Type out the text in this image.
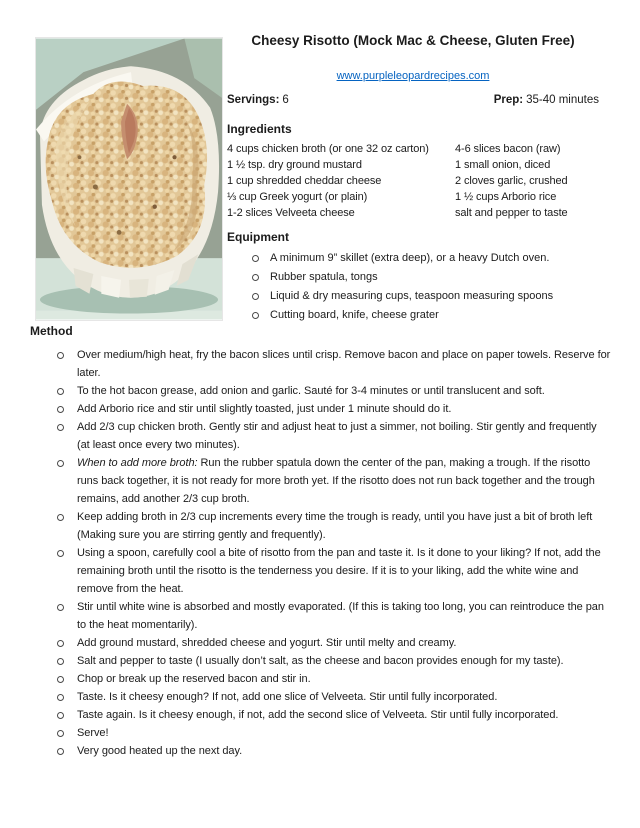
Cheesy Risotto (Mock Mac & Cheese, Gluten Free)
www.purpleleopardrecipes.com
Servings: 6	Prep: 35-40 minutes
Ingredients
4 cups chicken broth (or one 32 oz carton)
1 ½ tsp. dry ground mustard
1 cup shredded cheddar cheese
⅓ cup Greek yogurt (or plain)
1-2 slices Velveeta cheese
4-6 slices bacon (raw)
1 small onion, diced
2 cloves garlic, crushed
1 ½ cups Arborio rice
salt and pepper to taste
Equipment
A minimum 9” skillet (extra deep), or a heavy Dutch oven.
Rubber spatula, tongs
Liquid & dry measuring cups, teaspoon measuring spoons
Cutting board, knife, cheese grater
Method
Over medium/high heat, fry the bacon slices until crisp. Remove bacon and place on paper towels. Reserve for later.
To the hot bacon grease, add onion and garlic. Sauté for 3-4 minutes or until translucent and soft.
Add Arborio rice and stir until slightly toasted, just under 1 minute should do it.
Add 2/3 cup chicken broth. Gently stir and adjust heat to just a simmer, not boiling. Stir gently and frequently (at least once every two minutes).
When to add more broth: Run the rubber spatula down the center of the pan, making a trough. If the risotto runs back together, it is not ready for more broth yet. If the risotto does not run back together and the trough remains, add another 2/3 cup broth.
Keep adding broth in 2/3 cup increments every time the trough is ready, until you have just a bit of broth left (Making sure you are stirring gently and frequently).
Using a spoon, carefully cool a bite of risotto from the pan and taste it. Is it done to your liking? If not, add the remaining broth until the risotto is the tenderness you desire. If it is to your liking, add the white wine and remove from the heat.
Stir until white wine is absorbed and mostly evaporated. (If this is taking too long, you can reintroduce the pan to the heat momentarily).
Add ground mustard, shredded cheese and yogurt. Stir until melty and creamy.
Salt and pepper to taste (I usually don’t salt, as the cheese and bacon provides enough for my taste).
Chop or break up the reserved bacon and stir in.
Taste. Is it cheesy enough? If not, add one slice of Velveeta. Stir until fully incorporated.
Taste again. Is it cheesy enough, if not, add the second slice of Velveeta. Stir until fully incorporated.
Serve!
Very good heated up the next day.
